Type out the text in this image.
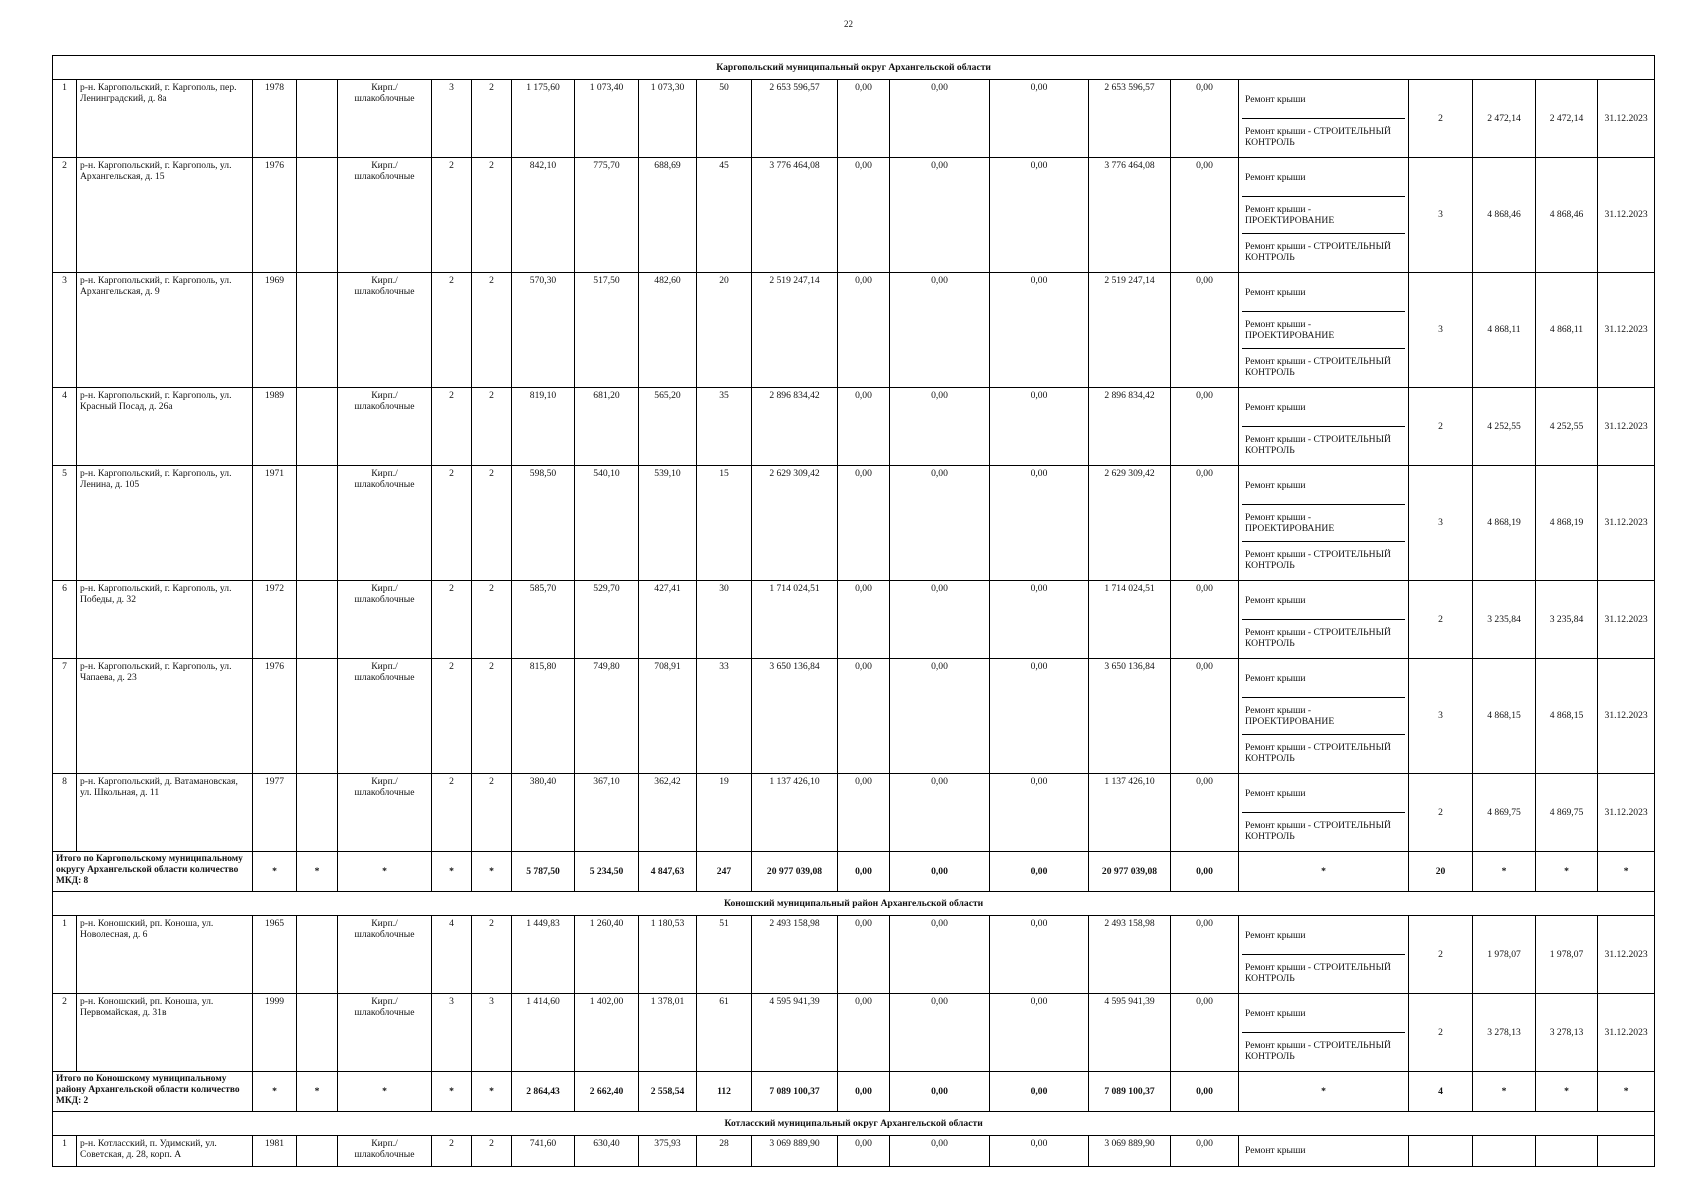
22
Каргопольский муниципальный округ Архангельской области																					
1	р-н. Каргопольский, г. Каргополь, пер. Ленинградский, д. 8а	1978		Кирп./ шлакоблочные	3	2	1 175,60	1 073,40	1 073,30	50	2 653 596,57	0,00	0,00	0,00	2 653 596,57	0,00	Ремонт крыши
Ремонт крыши - СТРОИТЕЛЬНЫЙ КОНТРОЛЬ	2	2 472,14	2 472,14	31.12.2023
2	р-н. Каргопольский, г. Каргополь, ул. Архангельская, д. 15	1976		Кирп./ шлакоблочные	2	2	842,10	775,70	688,69	45	3 776 464,08	0,00	0,00	0,00	3 776 464,08	0,00	Ремонт крыши
Ремонт крыши - ПРОЕКТИРОВАНИЕ
Ремонт крыши - СТРОИТЕЛЬНЫЙ КОНТРОЛЬ	3	4 868,46	4 868,46	31.12.2023
3	р-н. Каргопольский, г. Каргополь, ул. Архангельская, д. 9	1969		Кирп./ шлакоблочные	2	2	570,30	517,50	482,60	20	2 519 247,14	0,00	0,00	0,00	2 519 247,14	0,00	Ремонт крыши
Ремонт крыши - ПРОЕКТИРОВАНИЕ
Ремонт крыши - СТРОИТЕЛЬНЫЙ КОНТРОЛЬ	3	4 868,11	4 868,11	31.12.2023
4	р-н. Каргопольский, г. Каргополь, ул. Красный Посад, д. 26а	1989		Кирп./ шлакоблочные	2	2	819,10	681,20	565,20	35	2 896 834,42	0,00	0,00	0,00	2 896 834,42	0,00	Ремонт крыши
Ремонт крыши - СТРОИТЕЛЬНЫЙ КОНТРОЛЬ	2	4 252,55	4 252,55	31.12.2023
5	р-н. Каргопольский, г. Каргополь, ул. Ленина, д. 105	1971		Кирп./ шлакоблочные	2	2	598,50	540,10	539,10	15	2 629 309,42	0,00	0,00	0,00	2 629 309,42	0,00	Ремонт крыши
Ремонт крыши - ПРОЕКТИРОВАНИЕ
Ремонт крыши - СТРОИТЕЛЬНЫЙ КОНТРОЛЬ	3	4 868,19	4 868,19	31.12.2023
6	р-н. Каргопольский, г. Каргополь, ул. Победы, д. 32	1972		Кирп./ шлакоблочные	2	2	585,70	529,70	427,41	30	1 714 024,51	0,00	0,00	0,00	1 714 024,51	0,00	Ремонт крыши
Ремонт крыши - СТРОИТЕЛЬНЫЙ КОНТРОЛЬ	2	3 235,84	3 235,84	31.12.2023
7	р-н. Каргопольский, г. Каргополь, ул. Чапаева, д. 23	1976		Кирп./ шлакоблочные	2	2	815,80	749,80	708,91	33	3 650 136,84	0,00	0,00	0,00	3 650 136,84	0,00	Ремонт крыши
Ремонт крыши - ПРОЕКТИРОВАНИЕ
Ремонт крыши - СТРОИТЕЛЬНЫЙ КОНТРОЛЬ	3	4 868,15	4 868,15	31.12.2023
8	р-н. Каргопольский, д. Ватамановская, ул. Школьная, д. 11	1977		Кирп./ шлакоблочные	2	2	380,40	367,10	362,42	19	1 137 426,10	0,00	0,00	0,00	1 137 426,10	0,00	Ремонт крыши
Ремонт крыши - СТРОИТЕЛЬНЫЙ КОНТРОЛЬ	2	4 869,75	4 869,75	31.12.2023
Итого по Каргопольскому муниципальному округу Архангельской области количество МКД: 8		*	*	*	*	*	5 787,50	5 234,50	4 847,63	247	20 977 039,08	0,00	0,00	0,00	20 977 039,08	0,00	*	20	*	*	*
Коношский муниципальный район Архангельской области																					
1	р-н. Коношский, рп. Коноша, ул. Новолесная, д. 6	1965		Кирп./ шлакоблочные	4	2	1 449,83	1 260,40	1 180,53	51	2 493 158,98	0,00	0,00	0,00	2 493 158,98	0,00	Ремонт крыши
Ремонт крыши - СТРОИТЕЛЬНЫЙ КОНТРОЛЬ	2	1 978,07	1 978,07	31.12.2023
2	р-н. Коношский, рп. Коноша, ул. Первомайская, д. 31в	1999		Кирп./ шлакоблочные	3	3	1 414,60	1 402,00	1 378,01	61	4 595 941,39	0,00	0,00	0,00	4 595 941,39	0,00	Ремонт крыши
Ремонт крыши - СТРОИТЕЛЬНЫЙ КОНТРОЛЬ	2	3 278,13	3 278,13	31.12.2023
Итого по Коношскому муниципальному району Архангельской области количество МКД: 2		*	*	*	*	*	2 864,43	2 662,40	2 558,54	112	7 089 100,37	0,00	0,00	0,00	7 089 100,37	0,00	*	4	*	*	*
Котласский муниципальный округ Архангельской области																					
1	р-н. Котласский, п. Удимский, ул. Советская, д. 28, корп. А	1981		Кирп./ шлакоблочные	2	2	741,60	630,40	375,93	28	3 069 889,90	0,00	0,00	0,00	3 069 889,90	0,00	Ремонт крыши				
